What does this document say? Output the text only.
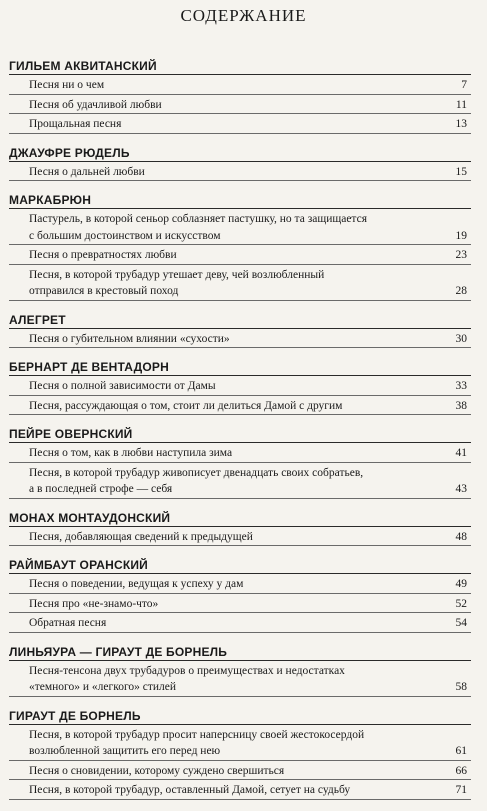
СОДЕРЖАНИЕ
ГИЛЬЕМ АКВИТАНСКИЙ
Песня ни о чем	7
Песня об удачливой любви	11
Прощальная песня	13
ДЖАУФРЕ РЮДЕЛЬ
Песня о дальней любви	15
МАРКАБРЮН
Пастурель, в которой сеньор соблазняет пастушку, но та защищается
с большим достоинством и искусством	19
Песня о превратностях любви	23
Песня, в которой трубадур утешает деву, чей возлюбленный
отправился в крестовый поход	28
АЛЕГРЕТ
Песня о губительном влиянии «сухости»	30
БЕРНАРТ ДЕ ВЕНТАДОРН
Песня о полной зависимости от Дамы	33
Песня, рассуждающая о том, стоит ли делиться Дамой с другим	38
ПЕЙРЕ ОВЕРНСКИЙ
Песня о том, как в любви наступила зима	41
Песня, в которой трубадур живописует двенадцать своих собратьев,
а в последней строфе — себя	43
МОНАХ МОНТАУДОНСКИЙ
Песня, добавляющая сведений к предыдущей	48
РАЙМБАУТ ОРАНСКИЙ
Песня о поведении, ведущая к успеху у дам	49
Песня про «не-знамо-что»	52
Обратная песня	54
ЛИНЬЯУРА — ГИРАУТ ДЕ БОРНЕЛЬ
Песня-тенсона двух трубадуров о преимуществах и недостатках
«темного» и «легкого» стилей	58
ГИРАУТ ДЕ БОРНЕЛЬ
Песня, в которой трубадур просит наперсницу своей жестокосердой
возлюбленной защитить его перед нею	61
Песня о сновидении, которому суждено свершиться	66
Песня, в которой трубадур, оставленный Дамой, сетует на судьбу	71
